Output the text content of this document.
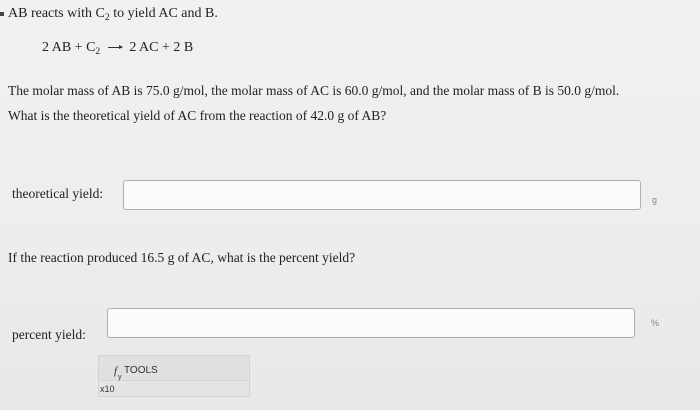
AB reacts with $C_2$ to yield AC and B.
2 AB + $C_2 \to 2$ AC + 2 B
The molar mass of AB is 75.0 g/mol, the molar mass of AC is 60.0 g/mol, and the molar mass of B is 50.0 g/mol.
What is the theoretical yield of AC from the reaction of 42.0 g of AB?
theoretical yield:	g
If the reaction produced 16.5 g of AC, what is the percent yield?
percent yield:
%
f
y
TOOLS
x10
